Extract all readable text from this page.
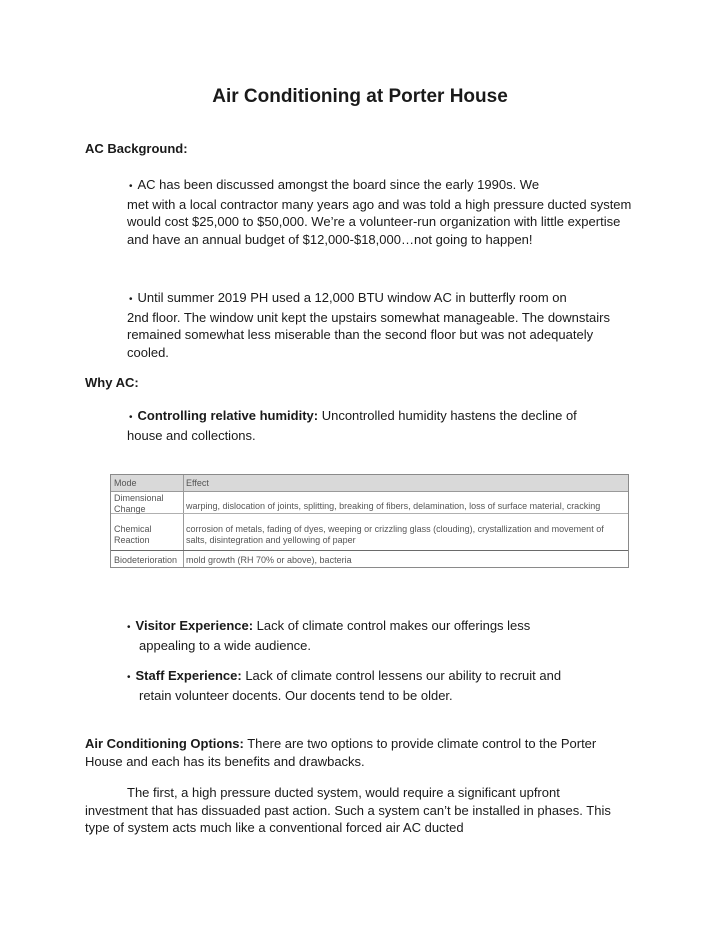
Air Conditioning at Porter House
AC Background:
• AC has been discussed amongst the board since the early 1990s. We
met with a local contractor many years ago and was told a high pressure ducted system would cost $25,000 to $50,000. We’re a volunteer-run organization with little expertise and have an annual budget of $12,000-$18,000…not going to happen!
• Until summer 2019 PH used a 12,000 BTU window AC in butterfly room on
2nd floor. The window unit kept the upstairs somewhat manageable. The downstairs remained somewhat less miserable than the second floor but was not adequately cooled.
Why AC:
• Controlling relative humidity: Uncontrolled humidity hastens the decline of
house and collections.
Mode	Effect
Dimensional Change	warping, dislocation of joints, splitting, breaking of fibers, delamination, loss of surface material, cracking
Chemical Reaction
corrosion of metals, fading of dyes, weeping or crizzling glass (clouding), crystallization and movement of salts, disintegration and yellowing of paper
Biodeterioration mold growth (RH 70% or above), bacteria
• Visitor Experience: Lack of climate control makes our offerings less
appealing to a wide audience.
• Staff Experience: Lack of climate control lessens our ability to recruit and
retain volunteer docents. Our docents tend to be older.
Air Conditioning Options: There are two options to provide climate control to the Porter House and each has its benefits and drawbacks.
The first, a high pressure ducted system, would require a significant upfront investment that has dissuaded past action. Such a system can’t be installed in phases. This type of system acts much like a conventional forced air AC ducted
